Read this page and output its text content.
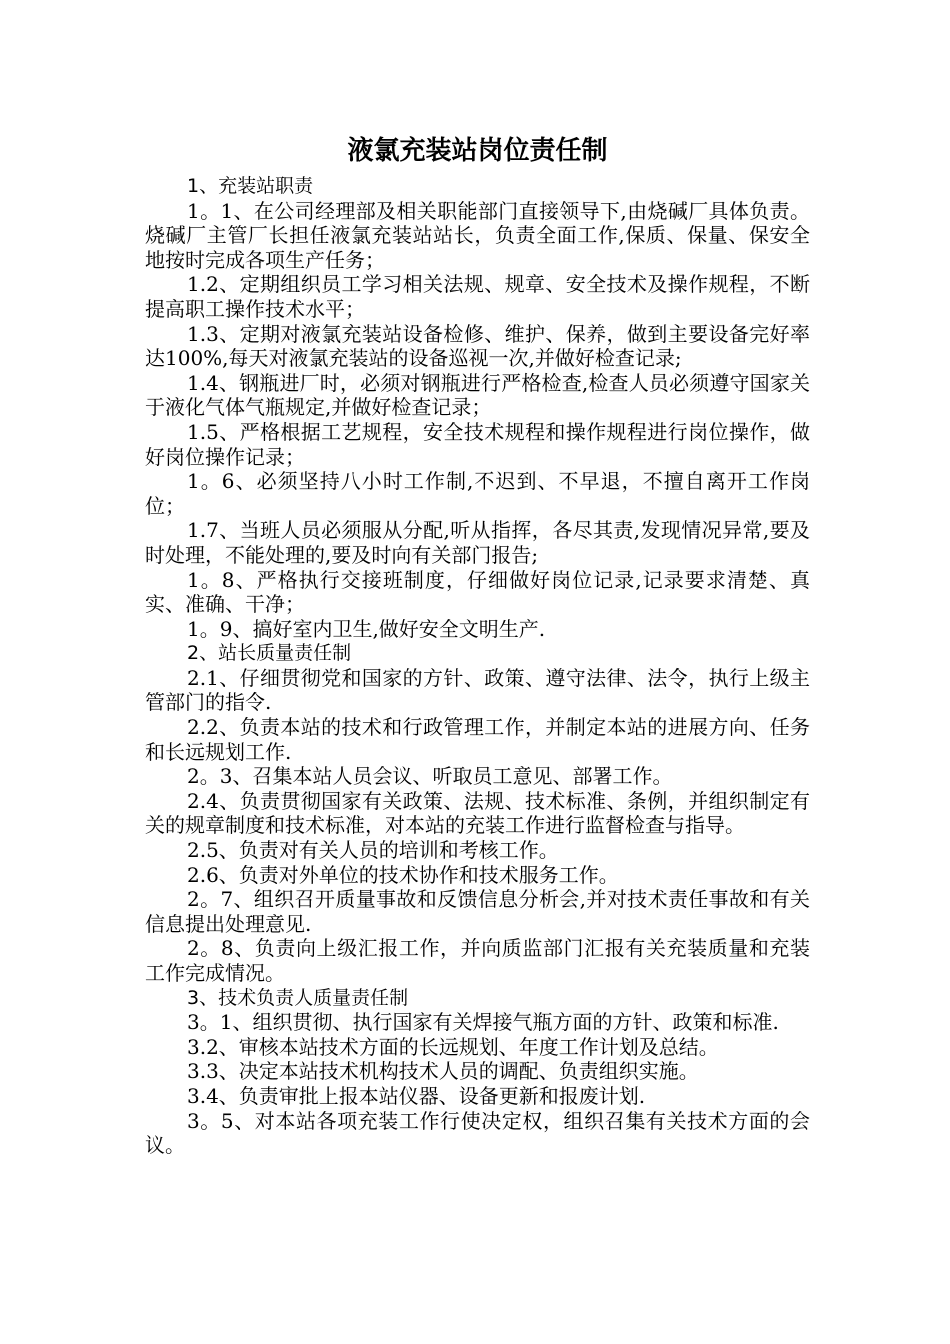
液氯充装站岗位责任制

1、充装站职责

1。1、在公司经理部及相关职能部门直接领导下,由烧碱厂具体负责。烧碱厂主管厂长担任液氯充装站站长，负责全面工作,保质、保量、保安全地按时完成各项生产任务；

1.2、定期组织员工学习相关法规、规章、安全技术及操作规程，不断提高职工操作技术水平；

1.3、定期对液氯充装站设备检修、维护、保养，做到主要设备完好率达100%,每天对液氯充装站的设备巡视一次,并做好检查记录;

1.4、钢瓶进厂时，必须对钢瓶进行严格检查,检查人员必须遵守国家关于液化气体气瓶规定,并做好检查记录；

1.5、严格根据工艺规程，安全技术规程和操作规程进行岗位操作，做好岗位操作记录；

1。6、必须坚持八小时工作制,不迟到、不早退，不擅自离开工作岗位；

1.7、当班人员必须服从分配,听从指挥，各尽其责,发现情况异常,要及时处理，不能处理的,要及时向有关部门报告;

1。8、严格执行交接班制度，仔细做好岗位记录,记录要求清楚、真实、准确、干净；

1。9、搞好室内卫生,做好安全文明生产.

2、站长质量责任制

2.1、仔细贯彻党和国家的方针、政策、遵守法律、法令，执行上级主管部门的指令.

2.2、负责本站的技术和行政管理工作，并制定本站的进展方向、任务和长远规划工作.

2。3、召集本站人员会议、听取员工意见、部署工作。

2.4、负责贯彻国家有关政策、法规、技术标准、条例，并组织制定有关的规章制度和技术标准，对本站的充装工作进行监督检查与指导。

2.5、负责对有关人员的培训和考核工作。

2.6、负责对外单位的技术协作和技术服务工作。

2。7、组织召开质量事故和反馈信息分析会,并对技术责任事故和有关信息提出处理意见.

2。8、负责向上级汇报工作，并向质监部门汇报有关充装质量和充装工作完成情况。

3、技术负责人质量责任制

3。1、组织贯彻、执行国家有关焊接气瓶方面的方针、政策和标准.

3.2、审核本站技术方面的长远规划、年度工作计划及总结。

3.3、决定本站技术机构技术人员的调配、负责组织实施。

3.4、负责审批上报本站仪器、设备更新和报废计划.

3。5、对本站各项充装工作行使决定权，组织召集有关技术方面的会议。
